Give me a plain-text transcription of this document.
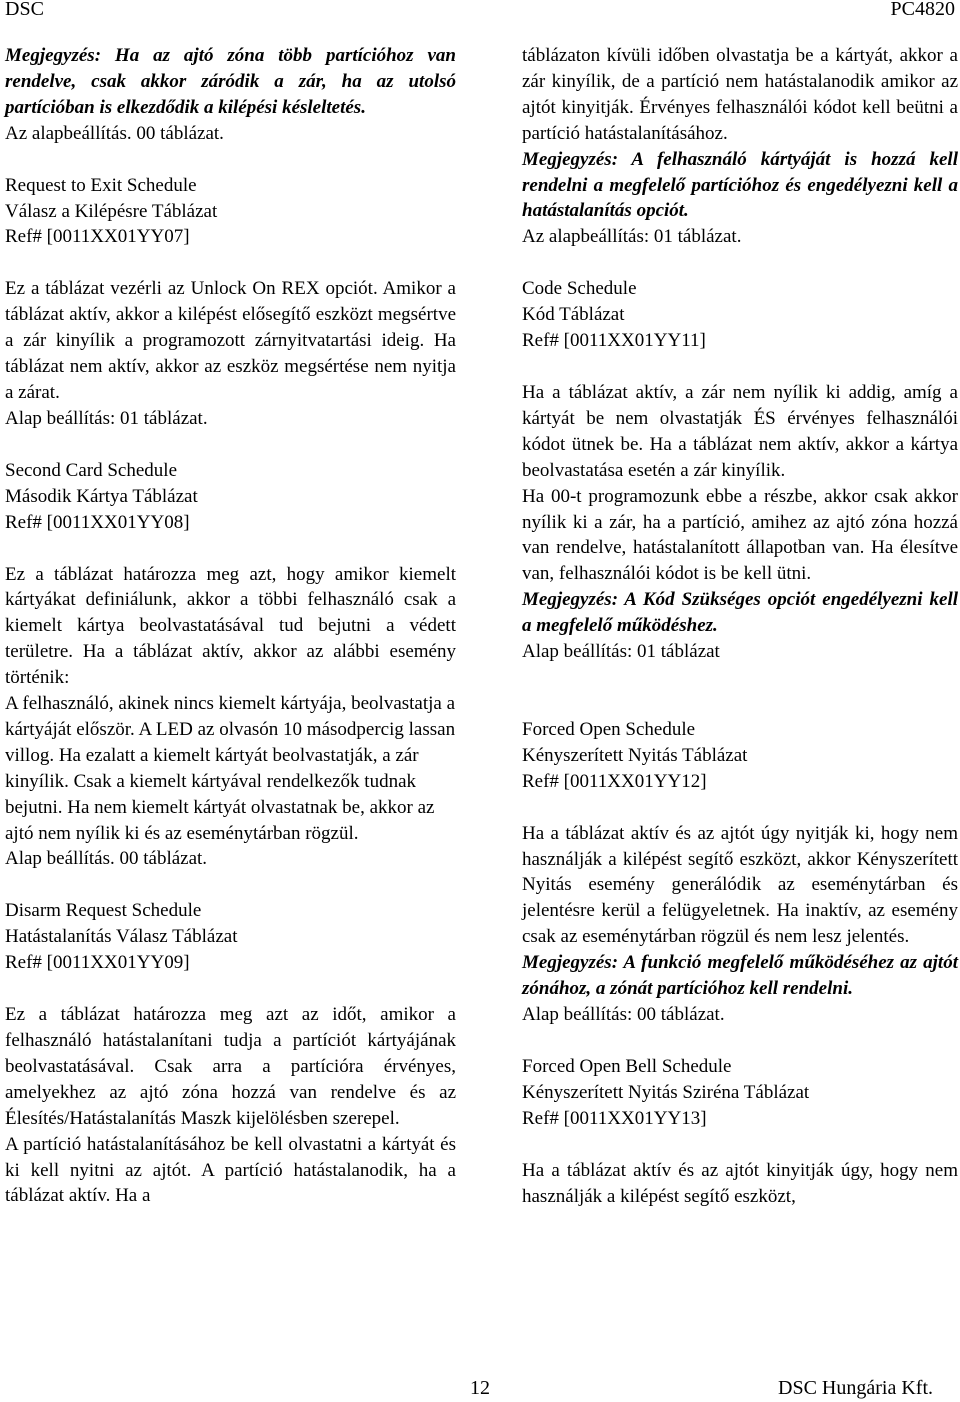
DSC	PC4820

Megjegyzés: Ha az ajtó zóna több partícióhoz van rendelve, csak akkor záródik a zár, ha az utolsó partícióban is elkezdődik a kilépési késleltetés.

Az alapbeállítás. 00 táblázat.

Request to Exit Schedule

Válasz a Kilépésre Táblázat

Ref# [0011XX01YY07]

Ez a táblázat vezérli az Unlock On REX opciót. Amikor a táblázat aktív, akkor a kilépést elősegítő eszközt megsértve a zár kinyílik a programozott zárnyitvatartási ideig. Ha táblázat nem aktív, akkor az eszköz megsértése nem nyitja a zárat.

Alap beállítás: 01 táblázat.

Second Card Schedule

Második Kártya Táblázat

Ref# [0011XX01YY08]

Ez a táblázat határozza meg azt, hogy amikor kiemelt kártyákat definiálunk, akkor a többi felhasználó csak a kiemelt kártya beolvastatásával tud bejutni a védett területre. Ha a táblázat aktív, akkor az alábbi esemény történik:

A felhasználó, akinek nincs kiemelt kártyája, beolvastatja a kártyáját először. A LED az olvasón 10 másodpercig lassan villog. Ha ezalatt a kiemelt kártyát beolvastatják, a zár kinyílik. Csak a kiemelt kártyával rendelkezők tudnak bejutni. Ha nem kiemelt kártyát olvastatnak be, akkor az ajtó nem nyílik ki és az eseménytárban rögzül.

Alap beállítás. 00 táblázat.

Disarm Request Schedule

Hatástalanítás Válasz Táblázat

Ref# [0011XX01YY09]

Ez a táblázat határozza meg azt az időt, amikor a felhasználó hatástalanítani tudja a partíciót kártyájának beolvastatásával. Csak arra a partícióra érvényes, amelyekhez az ajtó zóna hozzá van rendelve és az Élesítés/Hatástalanítás Maszk kijelölésben szerepel.

A partíció hatástalanításához be kell olvastatni a kártyát és ki kell nyitni az ajtót. A partíció hatástalanodik, ha a táblázat aktív. Ha a

táblázaton kívüli időben olvastatja be a kártyát, akkor a zár kinyílik, de a partíció nem hatástalanodik amikor az ajtót kinyitják. Érvényes felhasználói kódot kell beütni a partíció hatástalanításához.

Megjegyzés: A felhasználó kártyáját is hozzá kell rendelni a megfelelő partícióhoz és engedélyezni kell a hatástalanítás opciót.

Az alapbeállítás: 01 táblázat.

Code Schedule

Kód Táblázat

Ref# [0011XX01YY11]

Ha a táblázat aktív, a zár nem nyílik ki addig, amíg a kártyát be nem olvastatják ÉS érvényes felhasználói kódot ütnek be. Ha a táblázat nem aktív, akkor a kártya beolvastatása esetén a zár kinyílik.

Ha 00-t programozunk ebbe a részbe, akkor csak akkor nyílik ki a zár, ha a partíció, amihez az ajtó zóna hozzá van rendelve, hatástalanított állapotban van. Ha élesítve van, felhasználói kódot is be kell ütni.

Megjegyzés: A Kód Szükséges opciót engedélyezni kell a megfelelő működéshez.

Alap beállítás: 01 táblázat

Forced Open Schedule

Kényszerített Nyitás Táblázat

Ref# [0011XX01YY12]

Ha a táblázat aktív és az ajtót úgy nyitják ki, hogy nem használják a kilépést segítő eszközt, akkor Kényszerített Nyitás esemény generálódik az eseménytárban és jelentésre kerül a felügyeletnek. Ha inaktív, az esemény csak az eseménytárban rögzül és nem lesz jelentés.

Megjegyzés: A funkció megfelelő működéséhez az ajtót zónához, a zónát partícióhoz kell rendelni.

Alap beállítás: 00 táblázat.

Forced Open Bell Schedule

Kényszerített Nyitás Sziréna Táblázat

Ref# [0011XX01YY13]

Ha a táblázat aktív és az ajtót kinyitják úgy, hogy nem használják a kilépést segítő eszközt,

12	DSC Hungária Kft.
